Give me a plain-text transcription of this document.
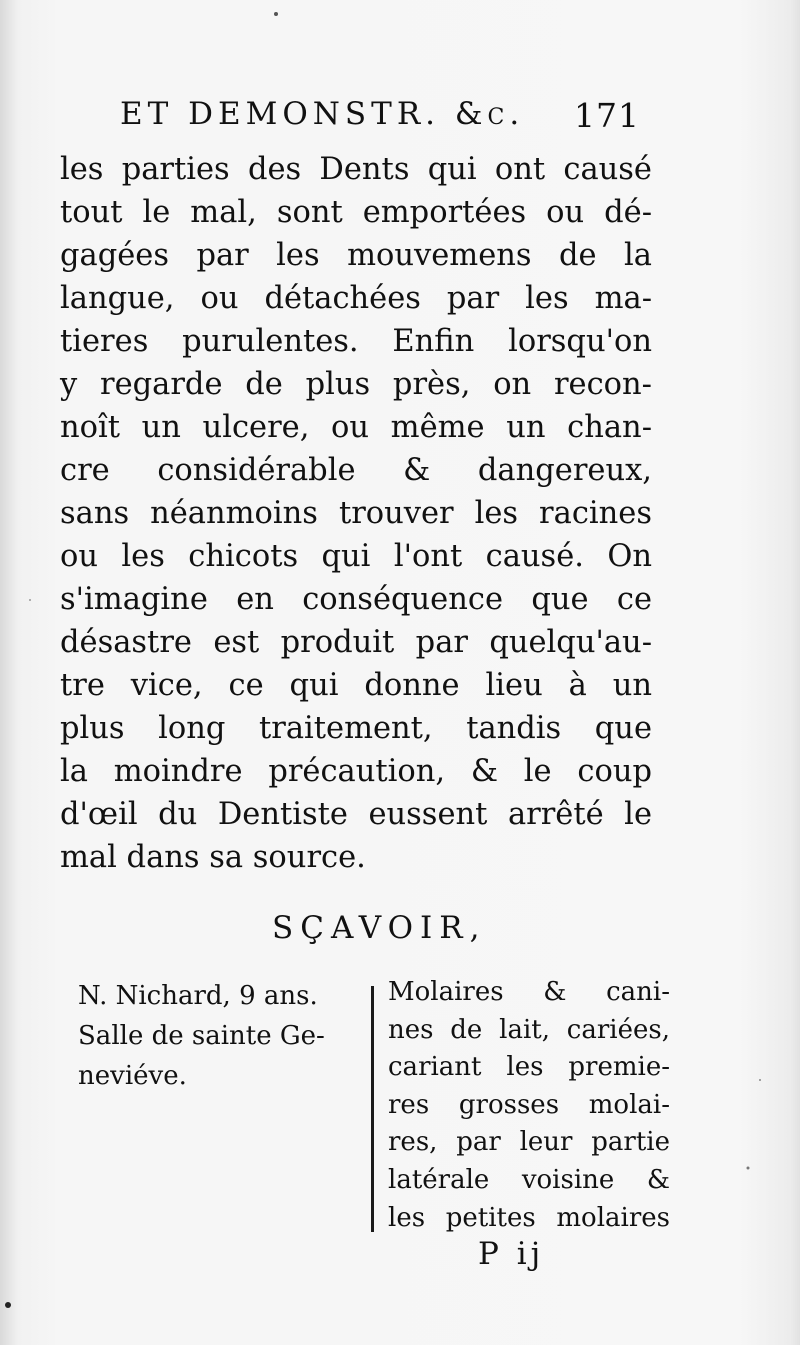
ET DEMONSTR. &c. 171
les parties des Dents qui ont causé
tout le mal, sont emportées ou dé-
gagées par les mouvemens de la
langue, ou détachées par les ma-
tieres purulentes. Enfin lorsqu'on
y regarde de plus près, on recon-
noît un ulcere, ou même un chan-
cre considérable & dangereux,
sans néanmoins trouver les racines
ou les chicots qui l'ont causé. On
s'imagine en conséquence que ce
désastre est produit par quelqu'au-
tre vice, ce qui donne lieu à un
plus long traitement, tandis que
la moindre précaution, & le coup
d'œil du Dentiste eussent arrêté le
mal dans sa source.
SÇAVOIR,
N. Nichard, 9 ans.
Salle de sainte Ge-
neviéve.
Molaires & cani-
nes de lait, cariées,
cariant les premie-
res grosses molai-
res, par leur partie
latérale voisine &
les petites molaires
P ij
